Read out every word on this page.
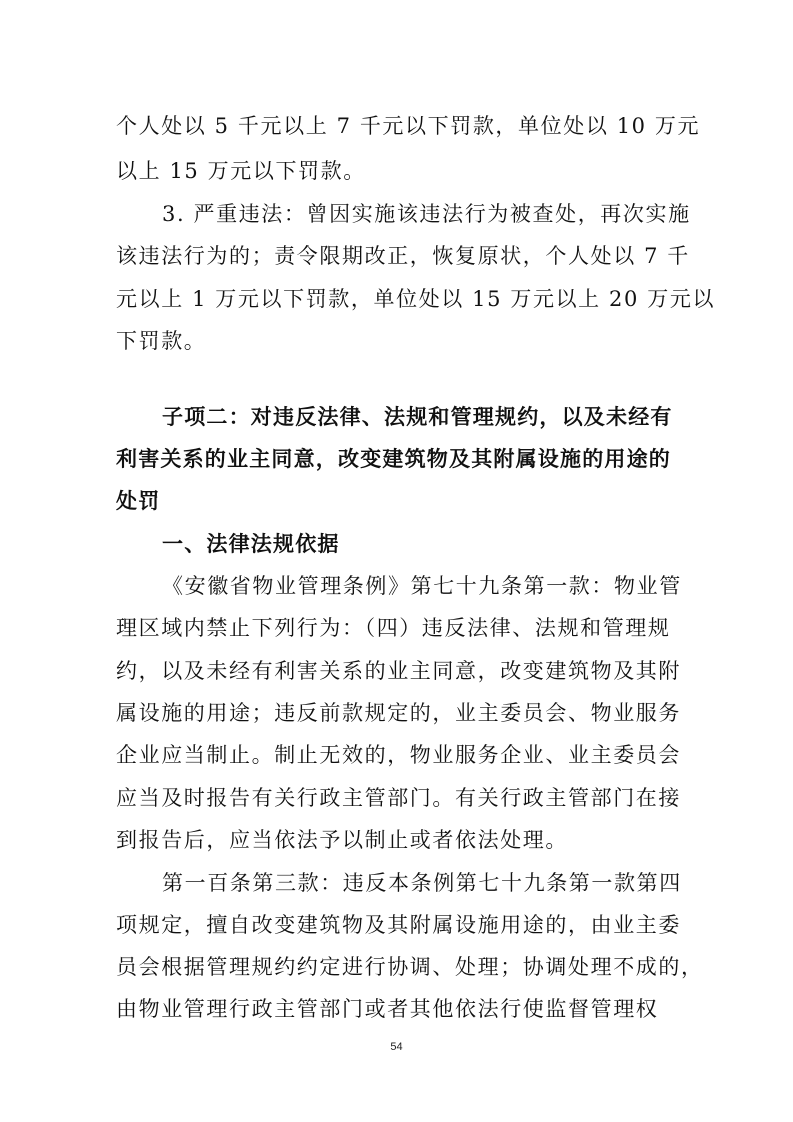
个人处以 5 千元以上 7 千元以下罚款，单位处以 10 万元
以上 15 万元以下罚款。
3. 严重违法：曾因实施该违法行为被查处，再次实施
该违法行为的；责令限期改正，恢复原状，个人处以 7 千
元以上 1 万元以下罚款，单位处以 15 万元以上 20 万元以
下罚款。
子项二：对违反法律、法规和管理规约，以及未经有
利害关系的业主同意，改变建筑物及其附属设施的用途的
处罚
一、法律法规依据
《安徽省物业管理条例》第七十九条第一款：物业管
理区域内禁止下列行为：（四）违反法律、法规和管理规
约，以及未经有利害关系的业主同意，改变建筑物及其附
属设施的用途；违反前款规定的，业主委员会、物业服务
企业应当制止。制止无效的，物业服务企业、业主委员会
应当及时报告有关行政主管部门。有关行政主管部门在接
到报告后，应当依法予以制止或者依法处理。
第一百条第三款：违反本条例第七十九条第一款第四
项规定，擅自改变建筑物及其附属设施用途的，由业主委
员会根据管理规约约定进行协调、处理；协调处理不成的，
由物业管理行政主管部门或者其他依法行使监督管理权
54
